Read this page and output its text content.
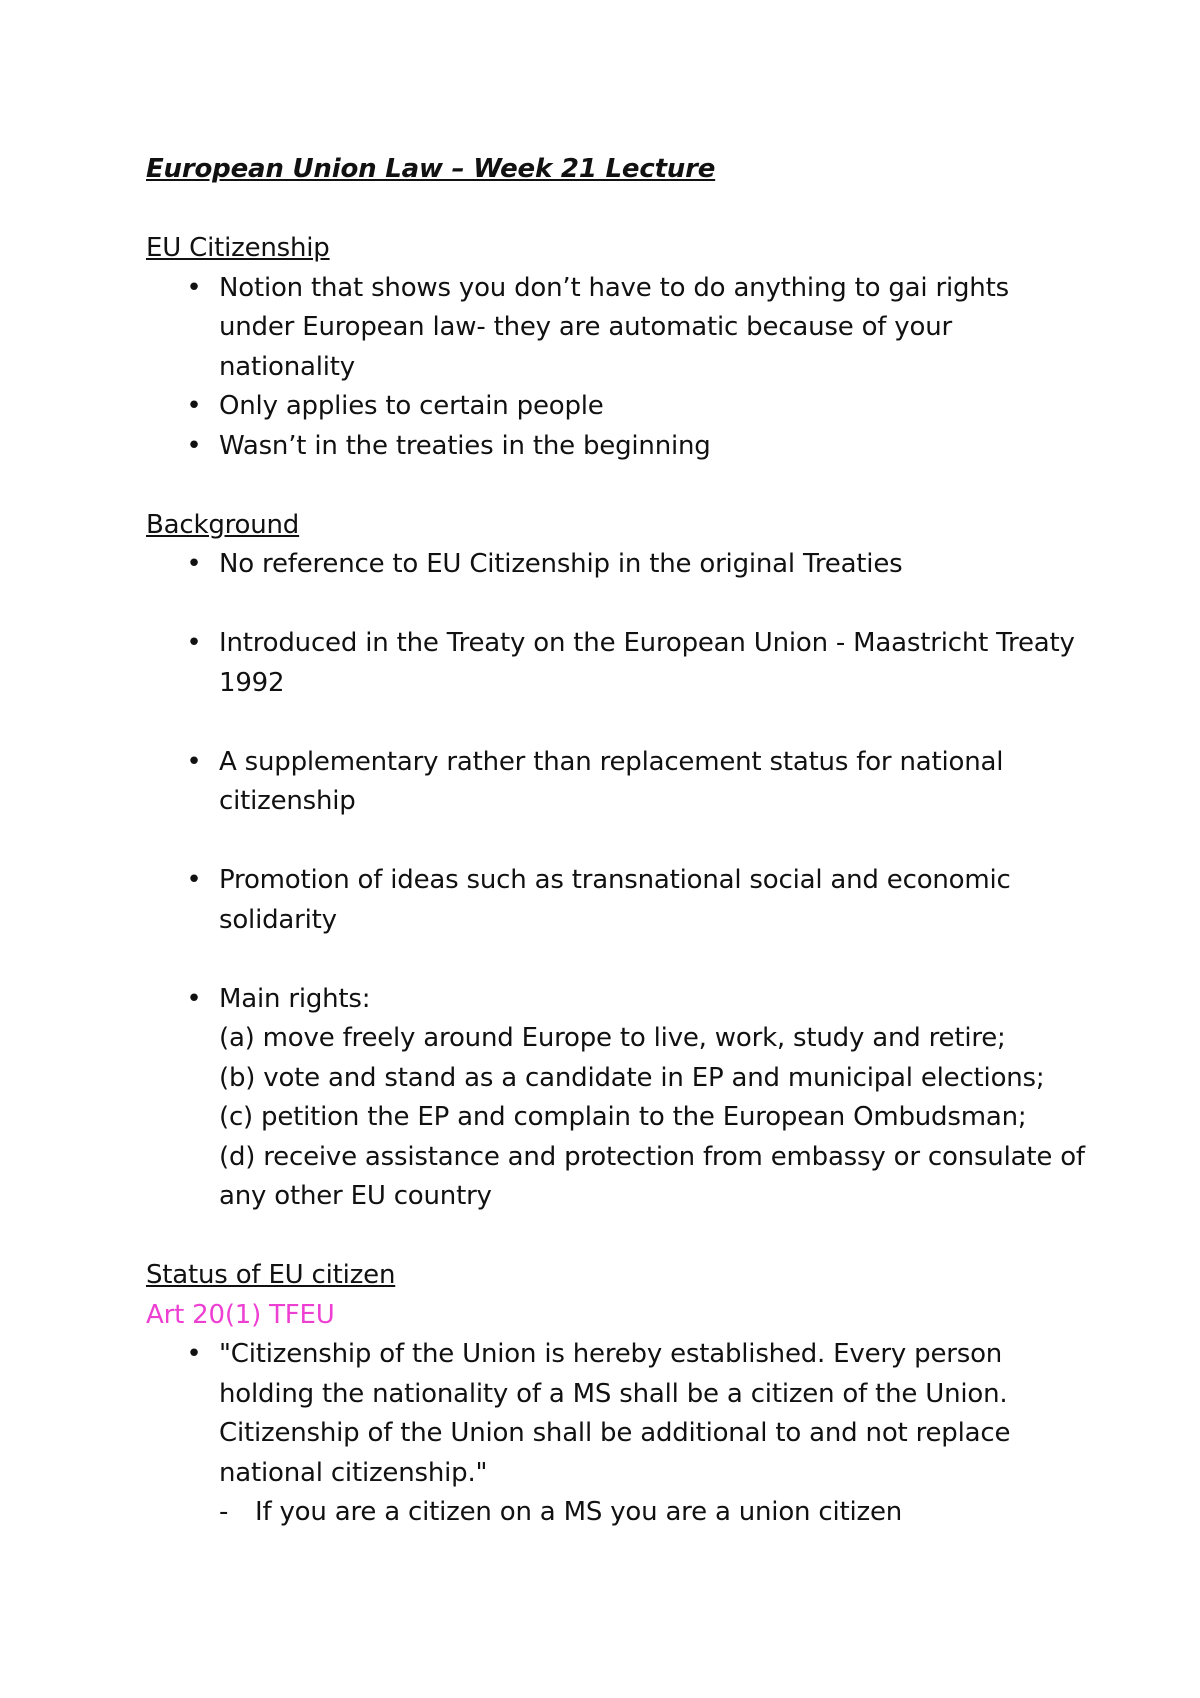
European Union Law – Week 21 Lecture

EU Citizenship

• Notion that shows you don’t have to do anything to gai rights under European law- they are automatic because of your nationality
• Only applies to certain people
• Wasn’t in the treaties in the beginning

Background

• No reference to EU Citizenship in the original Treaties
• Introduced in the Treaty on the European Union - Maastricht Treaty 1992
• A supplementary rather than replacement status for national citizenship
• Promotion of ideas such as transnational social and economic solidarity
• Main rights:
(a) move freely around Europe to live, work, study and retire;
(b) vote and stand as a candidate in EP and municipal elections;
(c) petition the EP and complain to the European Ombudsman;
(d) receive assistance and protection from embassy or consulate of any other EU country

Status of EU citizen

Art 20(1) TFEU

• "Citizenship of the Union is hereby established. Every person holding the nationality of a MS shall be a citizen of the Union. Citizenship of the Union shall be additional to and not replace national citizenship."
- If you are a citizen on a MS you are a union citizen
